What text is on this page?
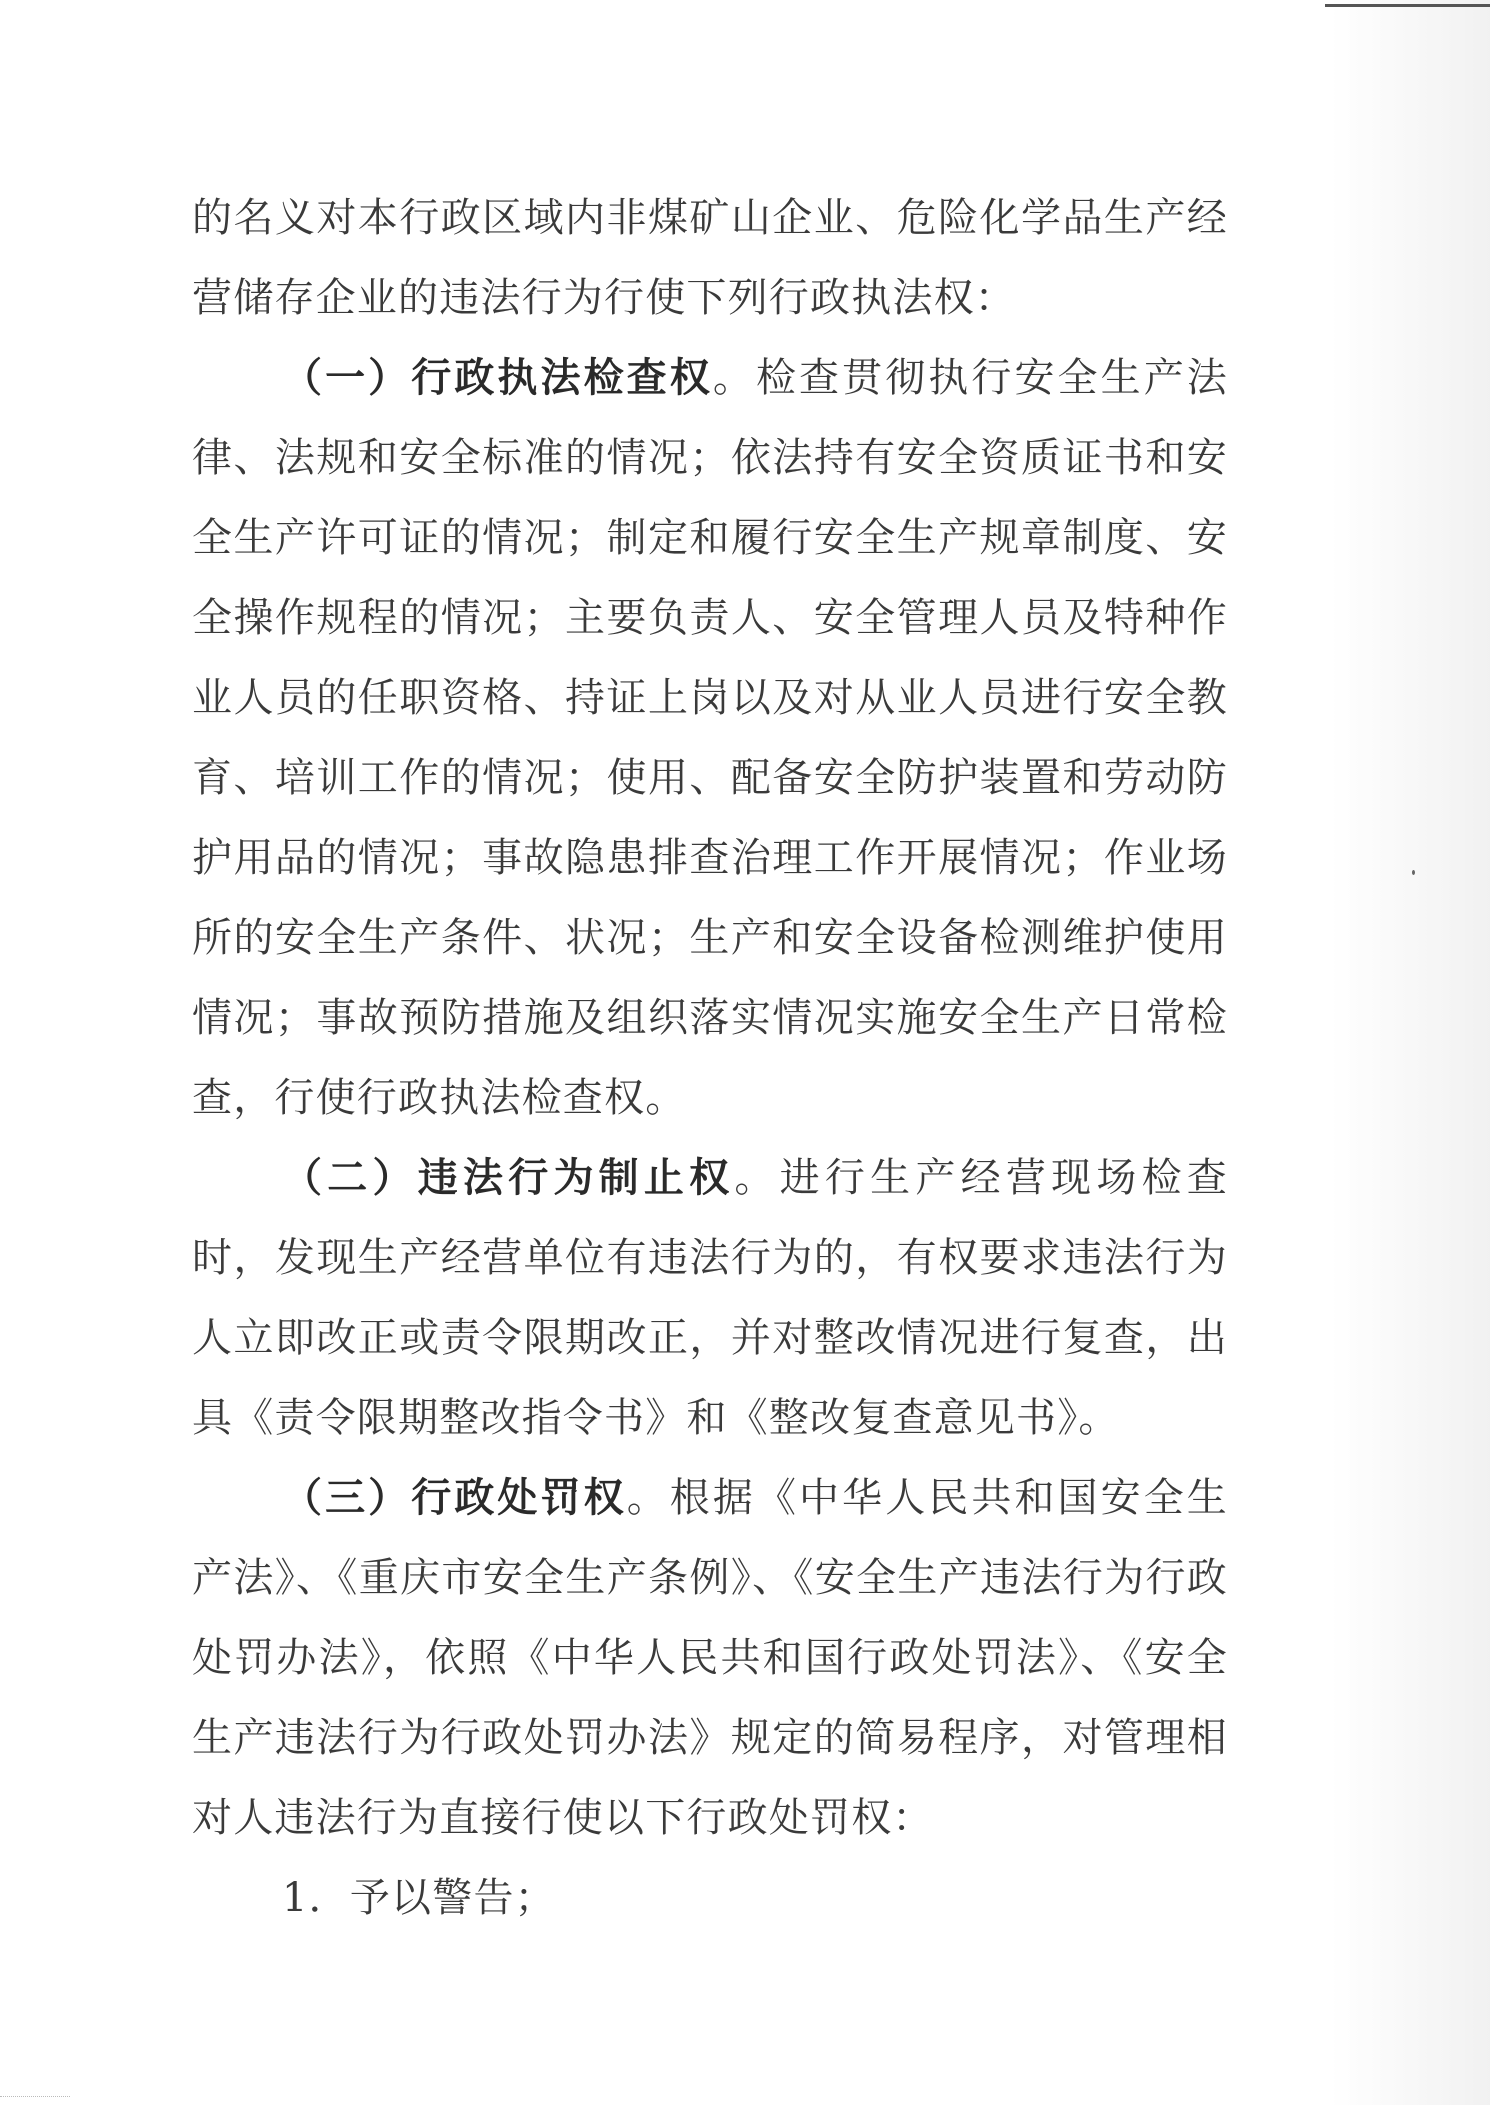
的名义对本行政区域内非煤矿山企业、危险化学品生产经营储存企业的违法行为行使下列行政执法权：

（一）行政执法检查权。检查贯彻执行安全生产法律、法规和安全标准的情况；依法持有安全资质证书和安全生产许可证的情况；制定和履行安全生产规章制度、安全操作规程的情况；主要负责人、安全管理人员及特种作业人员的任职资格、持证上岗以及对从业人员进行安全教育、培训工作的情况；使用、配备安全防护装置和劳动防护用品的情况；事故隐患排查治理工作开展情况；作业场所的安全生产条件、状况；生产和安全设备检测维护使用情况；事故预防措施及组织落实情况实施安全生产日常检查，行使行政执法检查权。

（二）违法行为制止权。进行生产经营现场检查时，发现生产经营单位有违法行为的，有权要求违法行为人立即改正或责令限期改正，并对整改情况进行复查，出具《责令限期整改指令书》和《整改复查意见书》。

（三）行政处罚权。根据《中华人民共和国安全生产法》、《重庆市安全生产条例》、《安全生产违法行为行政处罚办法》，依照《中华人民共和国行政处罚法》、《安全生产违法行为行政处罚办法》规定的简易程序，对管理相对人违法行为直接行使以下行政处罚权：

1．予以警告；
